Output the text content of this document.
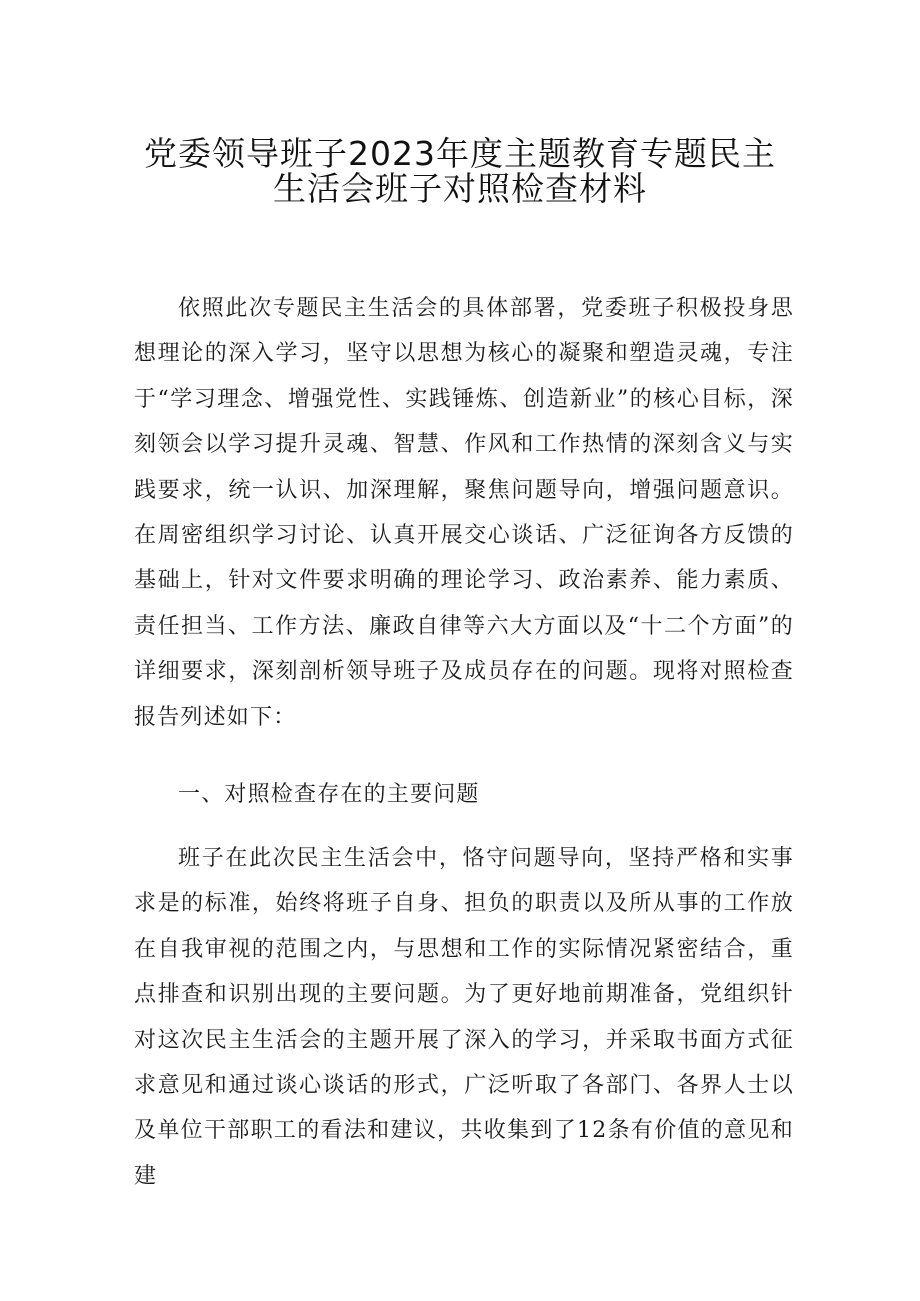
党委领导班子2023年度主题教育专题民主
生活会班子对照检查材料

依照此次专题民主生活会的具体部署，党委班子积极投身思想理论的深入学习，坚守以思想为核心的凝聚和塑造灵魂，专注于“学习理念、增强党性、实践锤炼、创造新业”的核心目标，深刻领会以学习提升灵魂、智慧、作风和工作热情的深刻含义与实践要求，统一认识、加深理解，聚焦问题导向，增强问题意识。在周密组织学习讨论、认真开展交心谈话、广泛征询各方反馈的基础上，针对文件要求明确的理论学习、政治素养、能力素质、责任担当、工作方法、廉政自律等六大方面以及“十二个方面”的详细要求，深刻剖析领导班子及成员存在的问题。现将对照检查报告列述如下：

一、对照检查存在的主要问题

班子在此次民主生活会中，恪守问题导向，坚持严格和实事求是的标准，始终将班子自身、担负的职责以及所从事的工作放在自我审视的范围之内，与思想和工作的实际情况紧密结合，重点排查和识别出现的主要问题。为了更好地前期准备，党组织针对这次民主生活会的主题开展了深入的学习，并采取书面方式征求意见和通过谈心谈话的形式，广泛听取了各部门、各界人士以及单位干部职工的看法和建议，共收集到了12条有价值的意见和建
